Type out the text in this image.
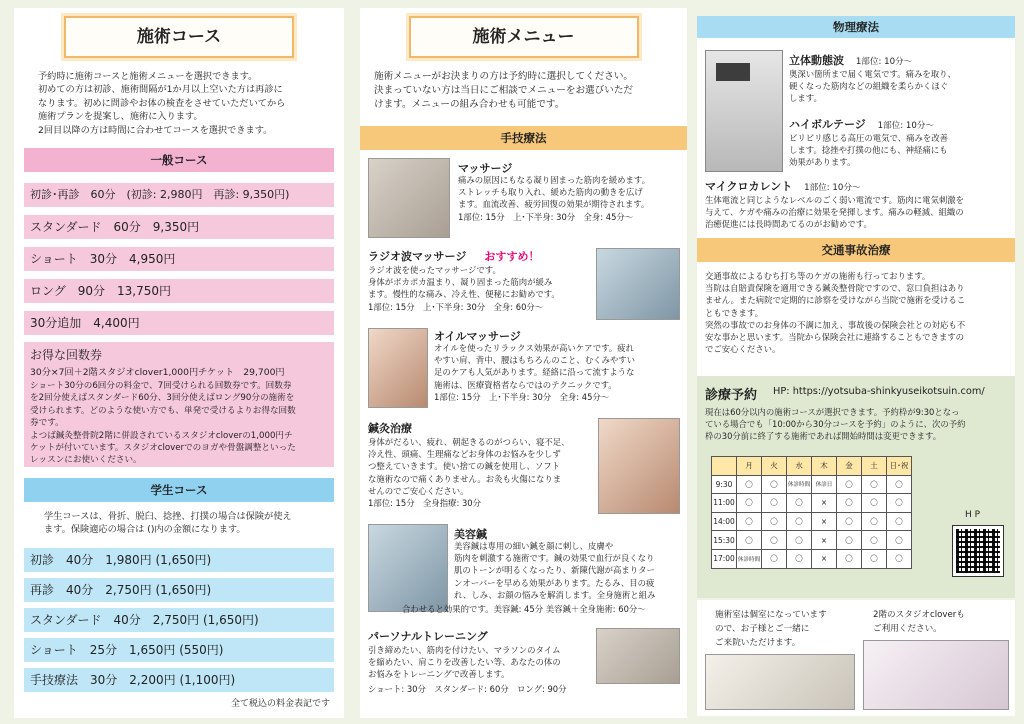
施術コース
予約時に施術コースと施術メニューを選択できます。
初めての方は初診、施術間隔が1か月以上空いた方は再診に
なります。初めに問診やお体の検査をさせていただいてから
施術プランを提案し、施術に入ります。
2回目以降の方は時間に合わせてコースを選択できます。
一般コース
初診･再診　60分　(初診: 2,980円　再診: 9,350円)
スタンダード　60分　9,350円
ショート　30分　4,950円
ロング　90分　13,750円
30分追加　4,400円
お得な回数券
30分×7回＋2階スタジオclover1,000円チケット　29,700円
ショート30分の6回分の料金で、7回受けられる回数券です。回数券
を2回分使えばスタンダード60分、3回分使えばロング90分の施術を
受けられます。どのような使い方でも、単発で受けるよりお得な回数
券です。
よつば鍼灸整骨院2階に併設されているスタジオcloverの1,000円チ
ケットが付いています。スタジオcloverでのヨガや骨盤調整といった
レッスンにお使いください。
学生コース
学生コースは、骨折、脱臼、捻挫、打撲の場合は保険が使え
ます。保険適応の場合は ()内の金額になります。
初診　40分　1,980円 (1,650円)
再診　40分　2,750円 (1,650円)
スタンダード　40分　2,750円 (1,650円)
ショート　25分　1,650円 (550円)
手技療法　30分　2,200円 (1,100円)
全て税込の料金表記です
施術メニュー
施術メニューがお決まりの方は予約時に選択してください。
決まっていない方は当日にご相談でメニューをお選びいただ
けます。メニューの組み合わせも可能です。
手技療法
マッサージ
痛みの原因にもなる凝り固まった筋肉を緩めます。
ストレッチも取り入れ、緩めた筋肉の動きを広げ
ます。血流改善、疲労回復の効果が期待されます。
1部位: 15分　上･下半身: 30分　全身: 45分～
ラジオ波マッサージ おすすめ！
ラジオ波を使ったマッサージです。
身体がポカポカ温まり、凝り固まった筋肉が緩み
ます。慢性的な痛み、冷え性、便秘にお勧めです。
1部位: 15分　上･下半身: 30分　全身: 60分～
オイルマッサージ
オイルを使ったリラックス効果が高いケアです。疲れ
やすい肩、背中、腰はもちろんのこと、むくみやすい
足のケアも人気があります。経絡に沿って流すような
施術は、医療資格者ならではのテクニックです。
1部位: 15分　上･下半身: 30分　全身: 45分～
鍼灸治療
身体がだるい、疲れ、朝起きるのがつらい、寝不足、
冷え性、頭痛、生理痛などお身体のお悩みを少しず
つ整えていきます。使い捨ての鍼を使用し、ソフト
な施術なので痛くありません。お灸も火傷になりま
せんのでご安心ください。
1部位: 15分　全身指療: 30分
美容鍼
美容鍼は専用の細い鍼を顔に刺し、皮膚や
筋肉を刺激する施術です。鍼の効果で血行が良くなり
肌のトーンが明るくなったり、新陳代謝が高まりター
ンオーバーを早める効果があります。たるみ、目の疲
れ、しみ、お顔の悩みを解消します。全身施術と組み
合わせると効果的です。美容鍼: 45分 美容鍼＋全身施術: 60分～
パーソナルトレーニング
引き締めたい、筋肉を付けたい、マラソンのタイム
を縮めたい、肩こりを改善したい等、あなたの体の
お悩みをトレーニングで改善します。
ショート: 30分　スタンダード: 60分　ロング: 90分
物理療法
立体動態波 1部位: 10分～
奥深い箇所まで届く電気です。痛みを取り、
硬くなった筋肉などの組織を柔らかくほぐ
します。
ハイボルテージ 1部位: 10分～
ビリビリ感じる高圧の電気で、痛みを改善
します。捻挫や打撲の他にも、神経痛にも
効果があります。
マイクロカレント 1部位: 10分～
生体電流と同じようなレベルのごく弱い電流です。筋肉に電気刺激を
与えて、ケガや痛みの治療に効果を発揮します。痛みの軽減、組織の
治癒促進には長時間あてるのがお勧めです。
交通事故治療
交通事故によるむち打ち等のケガの施術も行っております。
当院は自賠責保険を適用できる鍼灸整骨院ですので、窓口負担はあり
ません。また病院で定期的に診察を受けながら当院で施術を受けるこ
ともできます。
突然の事故でのお身体の不調に加え、事故後の保険会社との対応も不
安な事かと思います。当院から保険会社に連絡することもできますの
でご安心ください。
診療予約 HP: https://yotsuba-shinkyuseikotsuin.com/
現在は60分以内の施術コースが選択できます。予約枠が9:30となっ
ている場合でも「10:00から30分コースを予約」のように、次の予約
枠の30分前に終了する施術であれば開始時間は変更できます。
	月	火	水	木	金	土	日･祝
9:30	〇	〇	休診時間	休診日	〇	〇	〇
11:00	〇	〇	〇	×	〇	〇	〇
14:00	〇	〇	〇	×	〇	〇	〇
15:30	〇	〇	〇	×	〇	〇	〇
17:00	休診時間	〇	〇	×	〇	〇	〇
H P
施術室は個室になっています
ので、お子様とご一緒に
ご来院いただけます。
2階のスタジオcloverも
ご利用ください。
